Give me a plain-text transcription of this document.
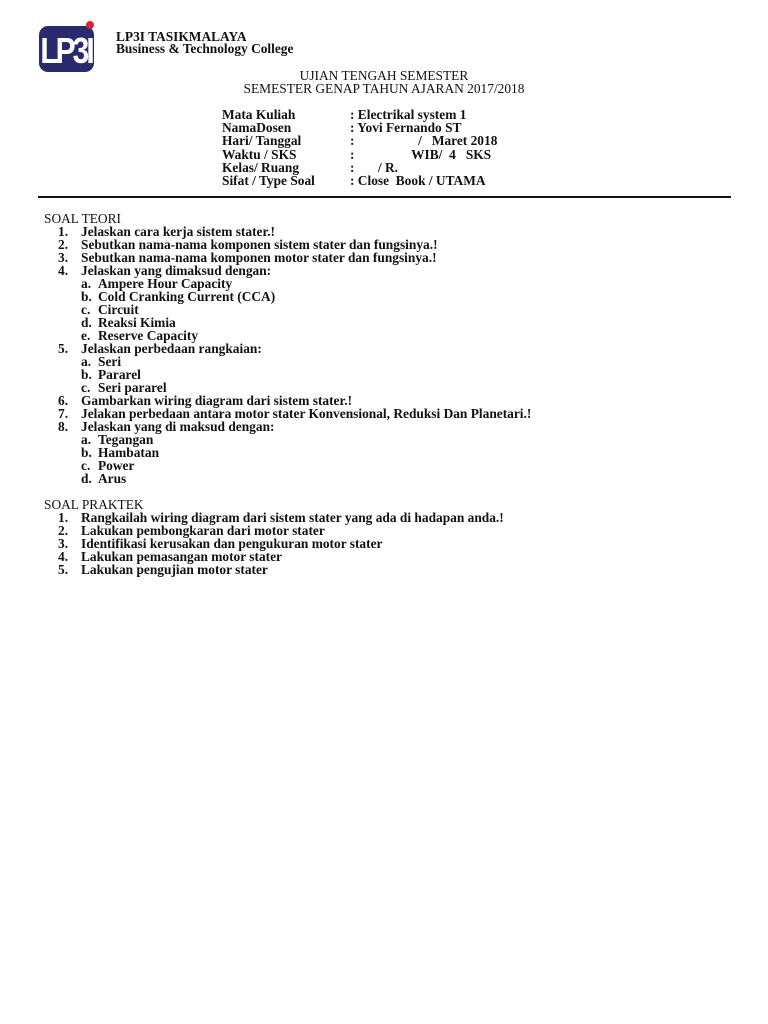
LP3I LP3I TASIKMALAYA
Business & Technology College
UJIAN TENGAH SEMESTER
SEMESTER GENAP TAHUN AJARAN 2017/2018
Mata Kuliah	: Electrikal system 1
NamaDosen	: Yovi Fernando ST
Hari/ Tanggal	:                   /   Maret 2018
Waktu / SKS	:                 WIB/  4   SKS
Kelas/ Ruang	:       / R.
Sifat / Type Soal	: Close  Book / UTAMA
SOAL TEORI
1. Jelaskan cara kerja sistem stater.!
2. Sebutkan nama-nama komponen sistem stater dan fungsinya.!
3. Sebutkan nama-nama komponen motor stater dan fungsinya.!
4. Jelaskan yang dimaksud dengan:
a. Ampere Hour Capacity
b. Cold Cranking Current (CCA)
c. Circuit
d. Reaksi Kimia
e. Reserve Capacity
5. Jelaskan perbedaan rangkaian:
a. Seri
b. Pararel
c. Seri pararel
6. Gambarkan wiring diagram dari sistem stater.!
7. Jelakan perbedaan antara motor stater Konvensional, Reduksi Dan Planetari.!
8. Jelaskan yang di maksud dengan:
a. Tegangan
b. Hambatan
c. Power
d. Arus
SOAL PRAKTEK
1. Rangkailah wiring diagram dari sistem stater yang ada di hadapan anda.!
2. Lakukan pembongkaran dari motor stater
3. Identifikasi kerusakan dan pengukuran motor stater
4. Lakukan pemasangan motor stater
5. Lakukan pengujian motor stater
